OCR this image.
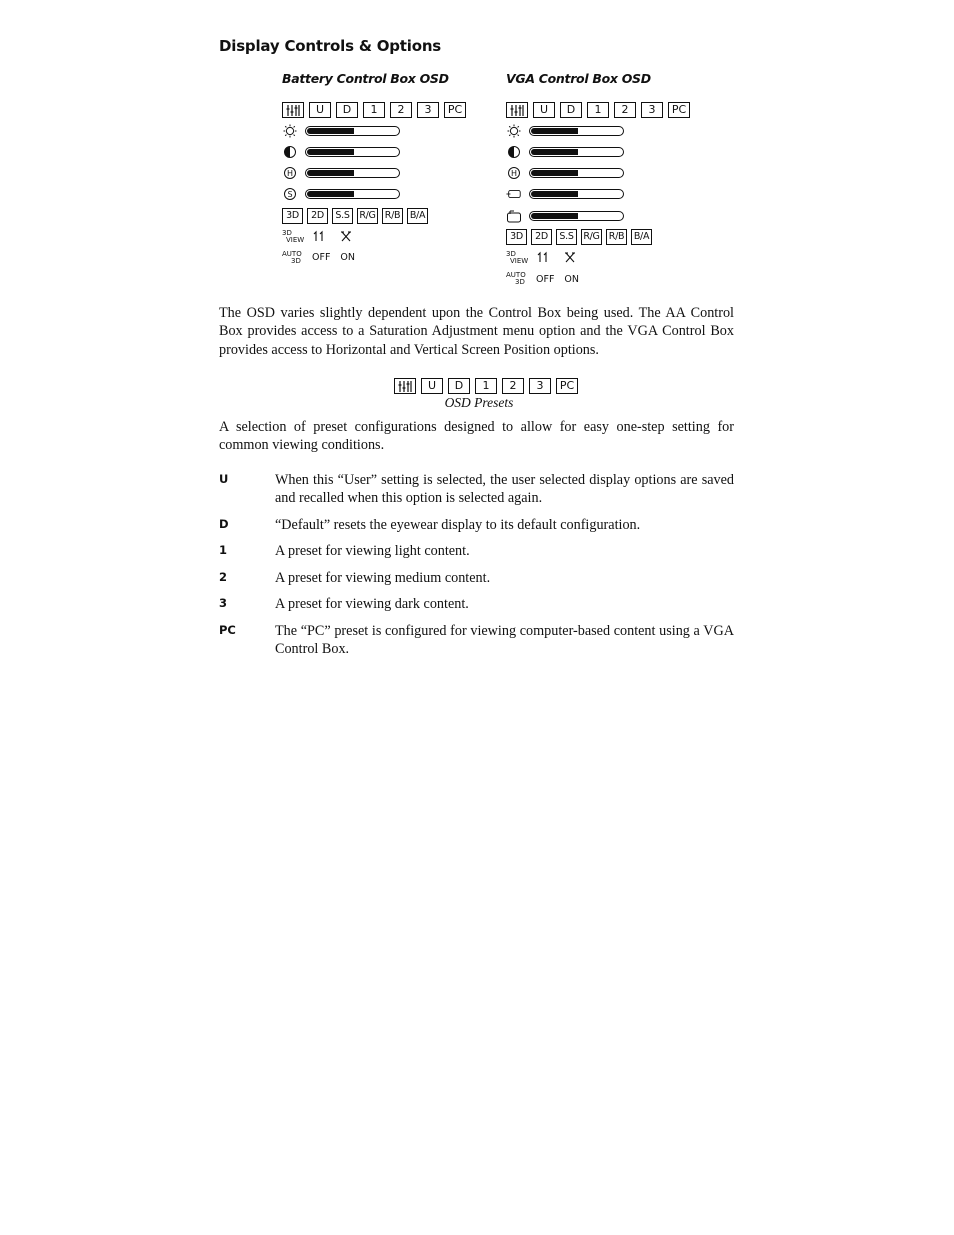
Display Controls & Options
Battery Control Box OSD
U	D	1	2	3	PC
H
S
3D	2D	S.S	R/G R/B B/A
3D
VIEW
AUTO
3D	OFF ON
VGA Control Box OSD
U	D	1	2	3	PC
H
3D	2D	S.S	R/G R/B B/A
3D
VIEW
AUTO
3D	OFF ON

The OSD varies slightly dependent upon the Control Box being used. The AA Control Box provides access to a Saturation Adjustment menu option and the VGA Control Box provides access to Horizontal and Vertical Screen Position options.

U	D	1	2	3	PC
OSD Presets

A selection of preset configurations designed to allow for easy one-step setting for common viewing conditions.

U	When this “User” setting is selected, the user selected display options are saved and recalled when this option is selected again.
D	“Default” resets the eyewear display to its default configuration.
1	A preset for viewing light content.
2	A preset for viewing medium content.
3	A preset for viewing dark content.
PC	The “PC” preset is configured for viewing computer-based content using a VGA Control Box.
